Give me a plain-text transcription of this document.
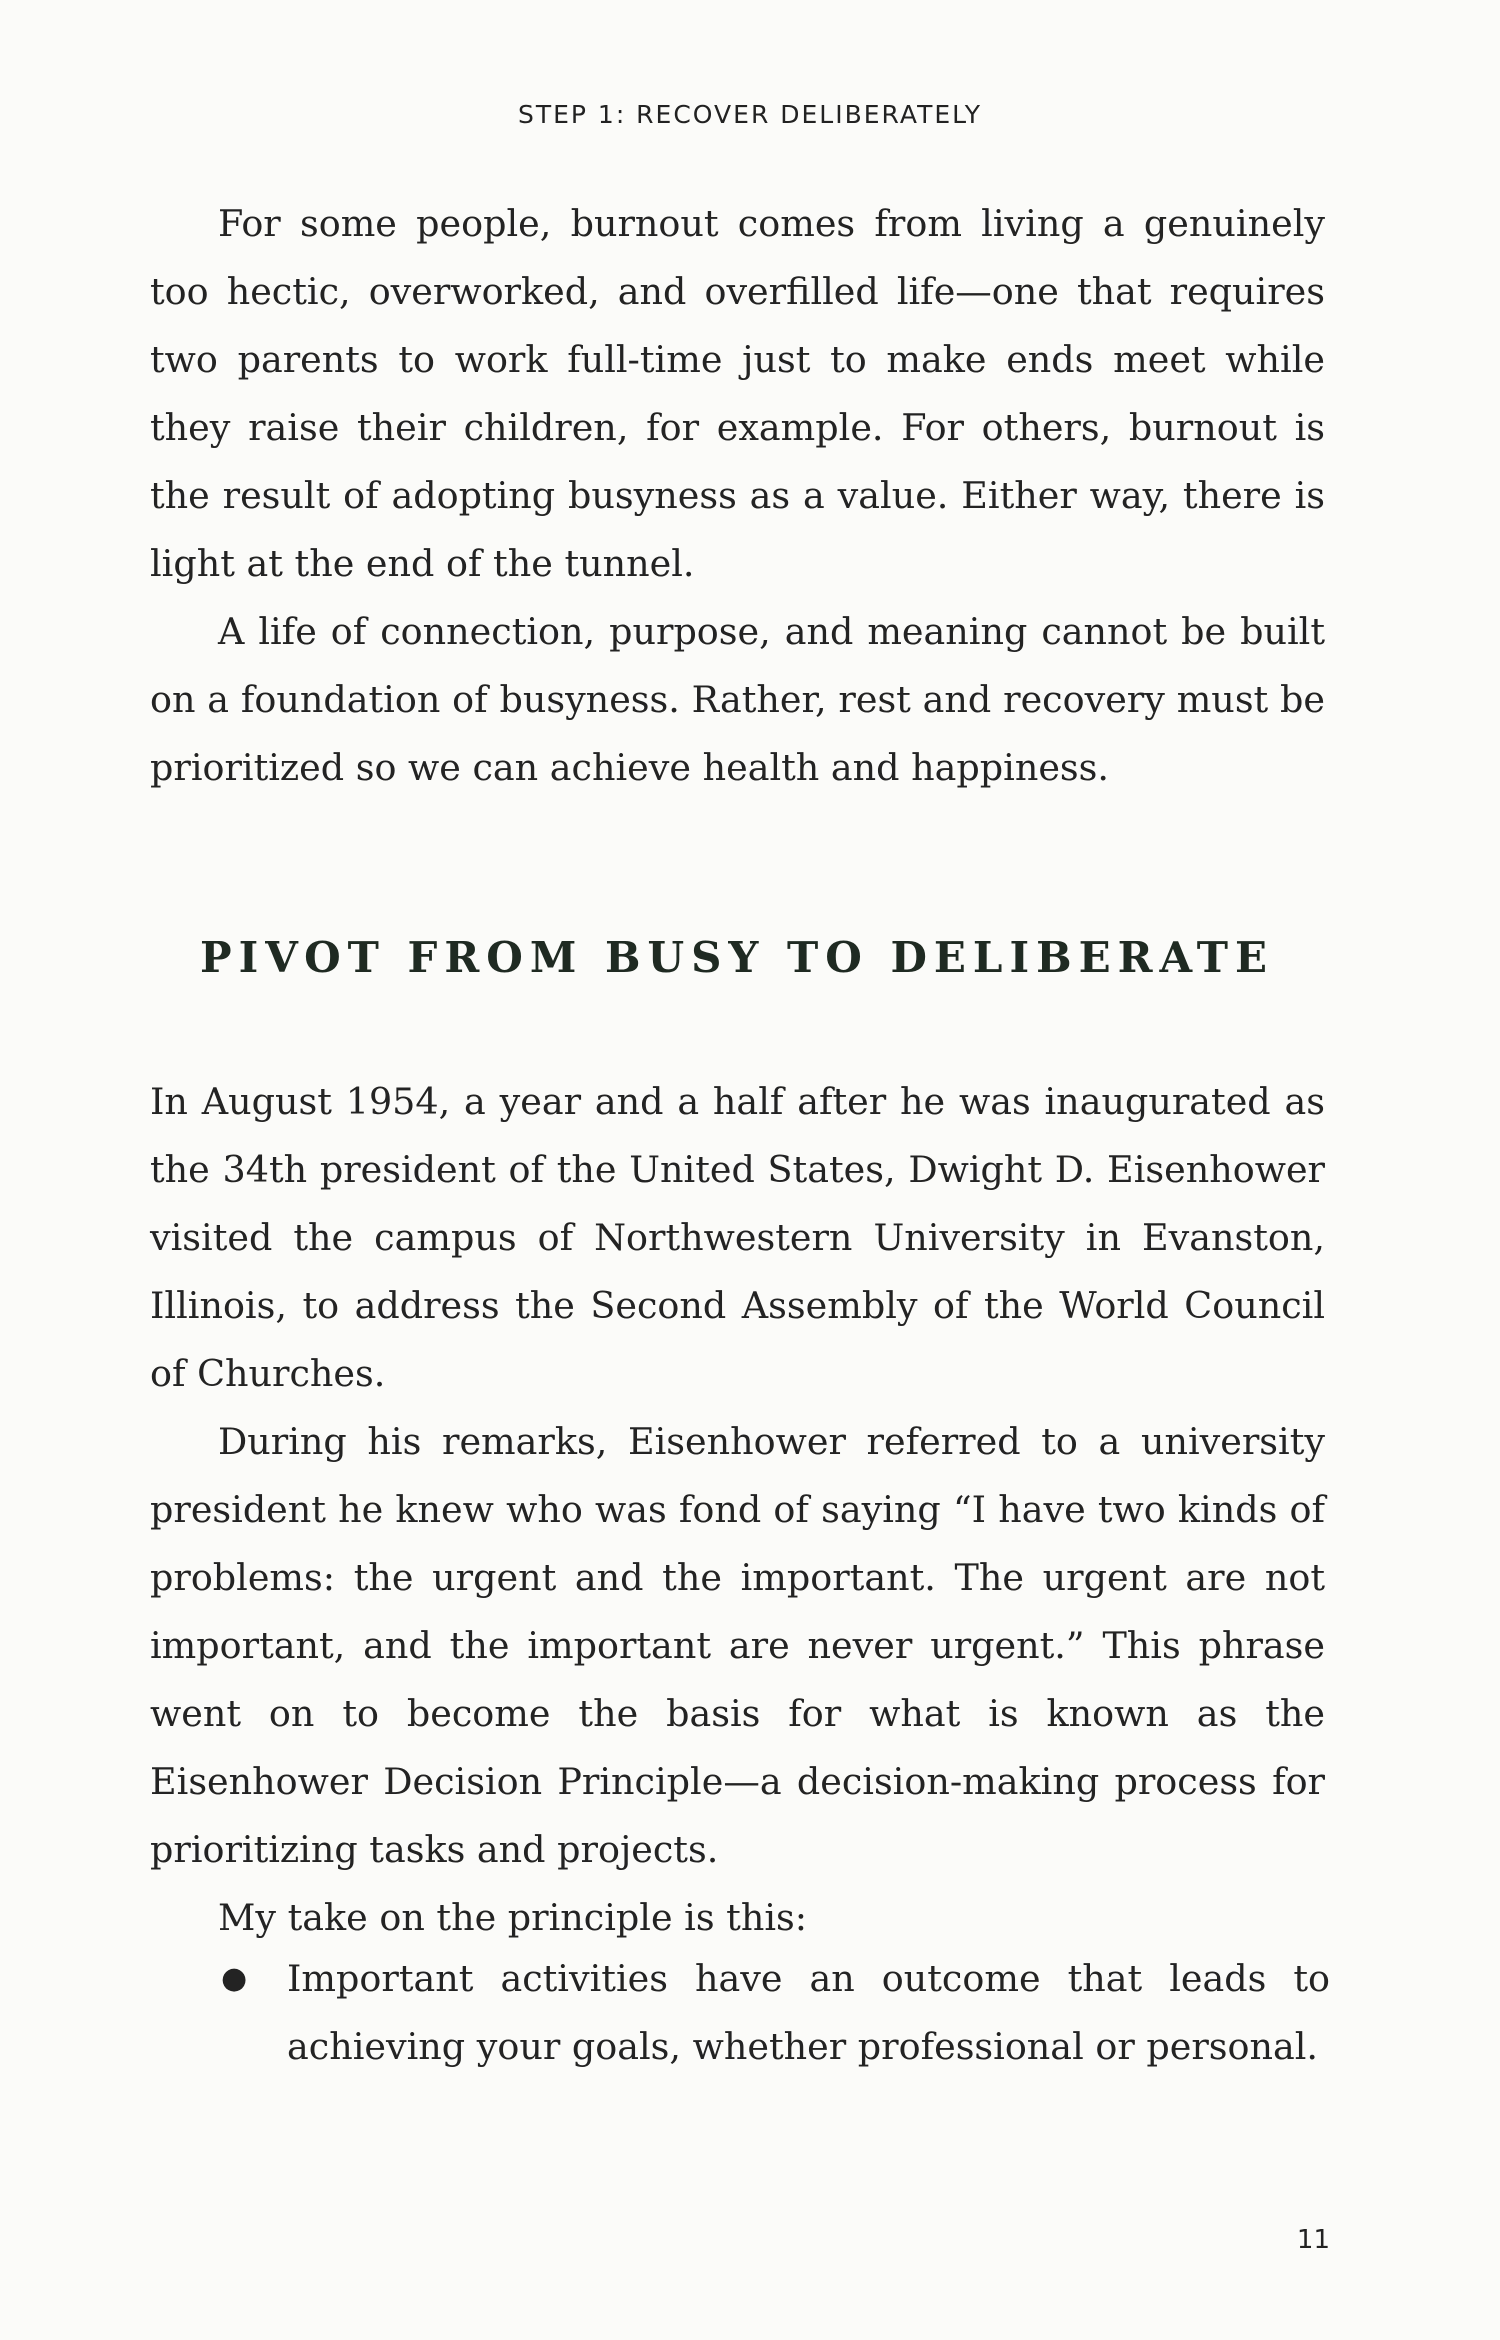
STEP 1: RECOVER DELIBERATELY

For some people, burnout comes from living a genuinely too hectic, overworked, and overfilled life—one that requires two parents to work full-time just to make ends meet while they raise their children, for example. For others, burnout is the result of adopting busyness as a value. Either way, there is light at the end of the tunnel.

A life of connection, purpose, and meaning cannot be built on a foundation of busyness. Rather, rest and recovery must be prioritized so we can achieve health and happiness.

PIVOT FROM BUSY TO DELIBERATE

In August 1954, a year and a half after he was inaugurated as the 34th president of the United States, Dwight D. Eisenhower visited the campus of Northwestern University in Evanston, Illinois, to address the Second Assembly of the World Council of Churches.

During his remarks, Eisenhower referred to a university president he knew who was fond of saying “I have two kinds of problems: the urgent and the important. The urgent are not important, and the important are never urgent.” This phrase went on to become the basis for what is known as the Eisenhower Decision Principle—a decision-making process for prioritizing tasks and projects.

My take on the principle is this:

● Important activities have an outcome that leads to achieving your goals, whether professional or personal.
11
